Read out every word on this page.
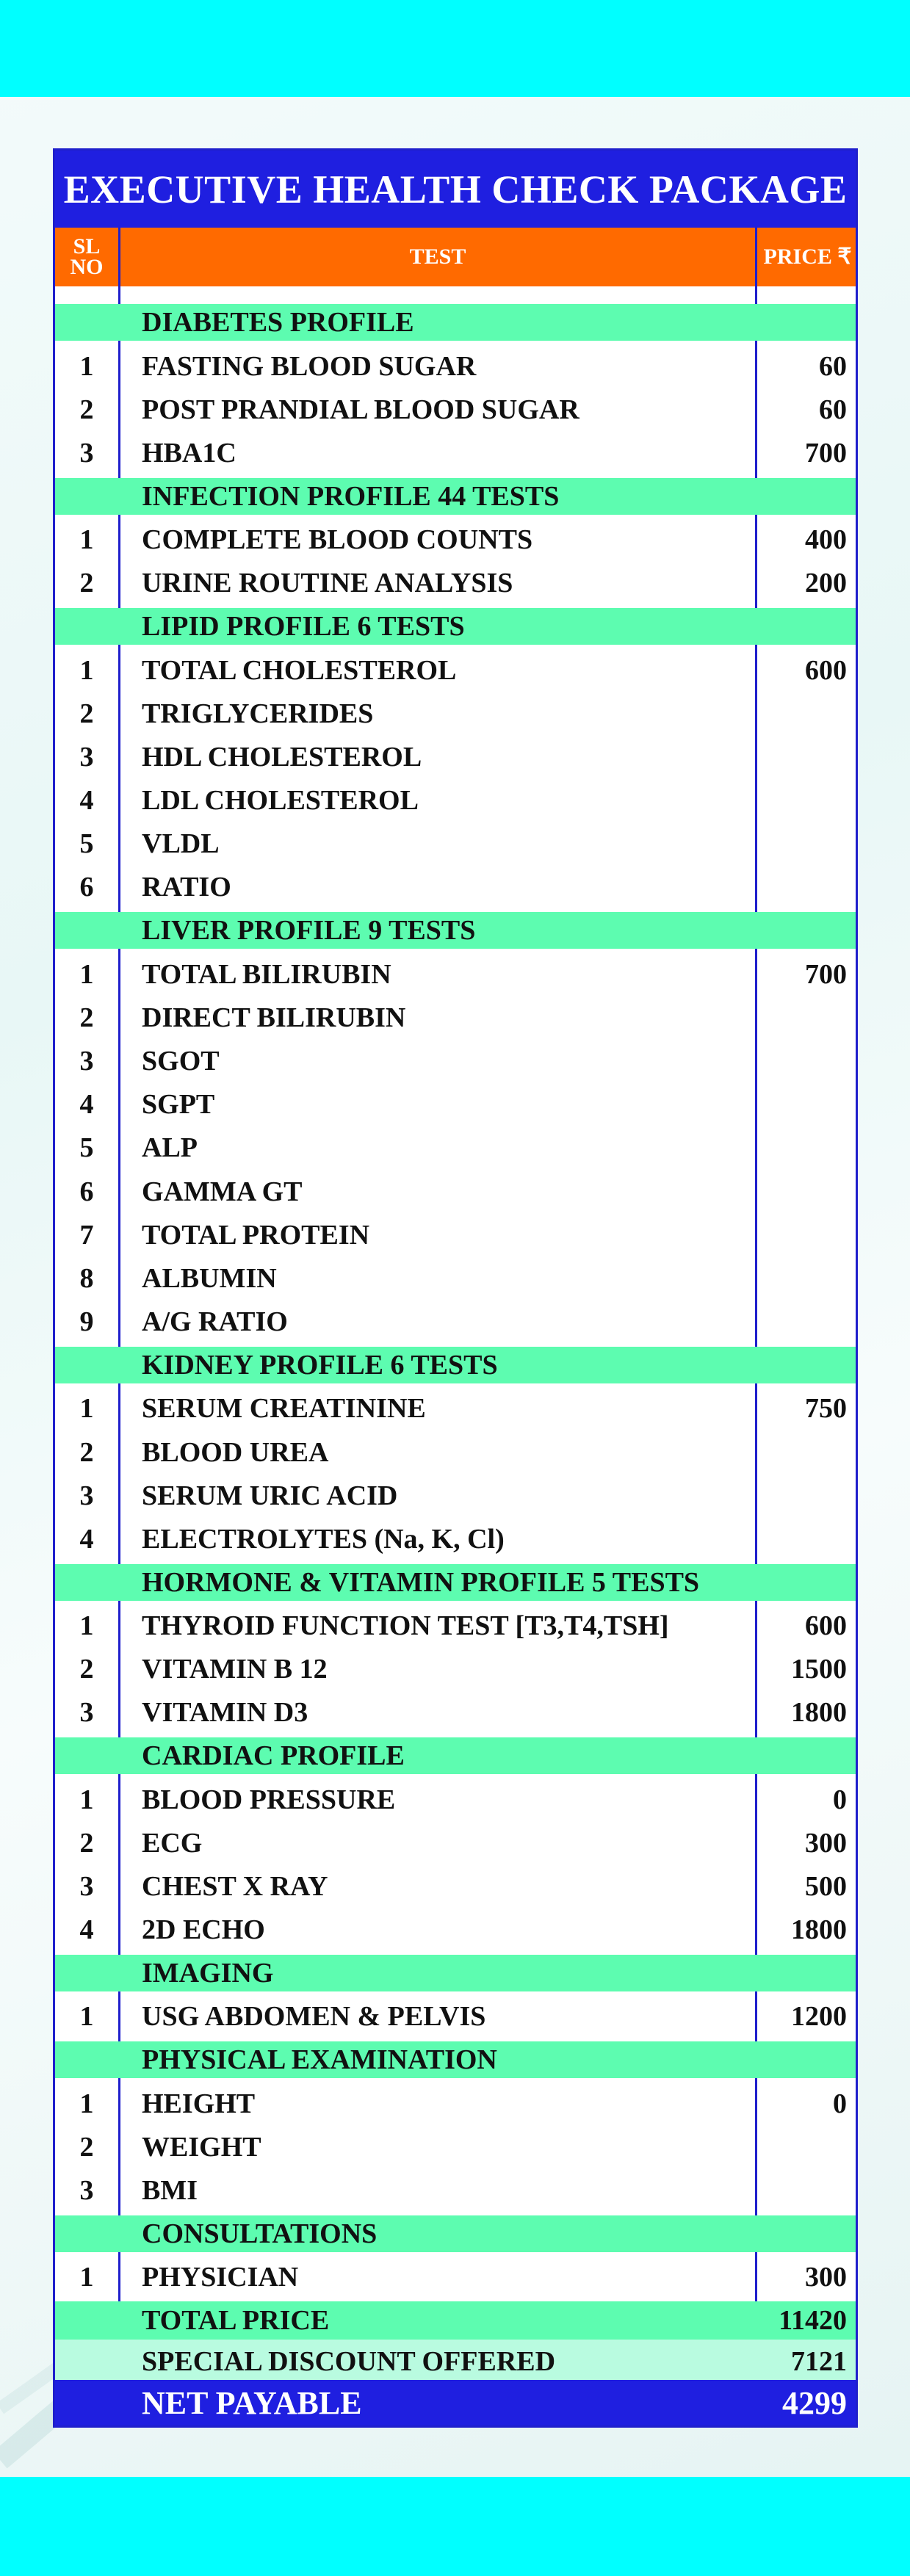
EXECUTIVE HEALTH CHECK PACKAGE
SL NO	TEST	PRICE ₹
DIABETES PROFILE
1	FASTING BLOOD SUGAR	60
2	POST PRANDIAL BLOOD SUGAR	60
3	HBA1C	700
INFECTION PROFILE 44 TESTS
1	COMPLETE BLOOD COUNTS	400
2	URINE ROUTINE ANALYSIS	200
LIPID PROFILE 6 TESTS
1	TOTAL CHOLESTEROL	600
2	TRIGLYCERIDES
3	HDL CHOLESTEROL
4	LDL CHOLESTEROL
5	VLDL
6	RATIO
LIVER PROFILE 9 TESTS
1	TOTAL BILIRUBIN	700
2	DIRECT BILIRUBIN
3	SGOT
4	SGPT
5	ALP
6	GAMMA GT
7	TOTAL PROTEIN
8	ALBUMIN
9	A/G RATIO
KIDNEY PROFILE 6 TESTS
1	SERUM CREATININE	750
2	BLOOD UREA
3	SERUM URIC ACID
4	ELECTROLYTES (Na, K, Cl)
HORMONE & VITAMIN PROFILE 5 TESTS
1	THYROID FUNCTION TEST [T3,T4,TSH]	600
2	VITAMIN B 12	1500
3	VITAMIN D3	1800
CARDIAC PROFILE
1	BLOOD PRESSURE	0
2	ECG	300
3	CHEST X RAY	500
4	2D ECHO	1800
IMAGING
1	USG ABDOMEN & PELVIS	1200
PHYSICAL EXAMINATION
1	HEIGHT	0
2	WEIGHT
3	BMI
CONSULTATIONS
1	PHYSICIAN	300
TOTAL PRICE	11420
SPECIAL DISCOUNT OFFERED	7121
NET PAYABLE	4299
